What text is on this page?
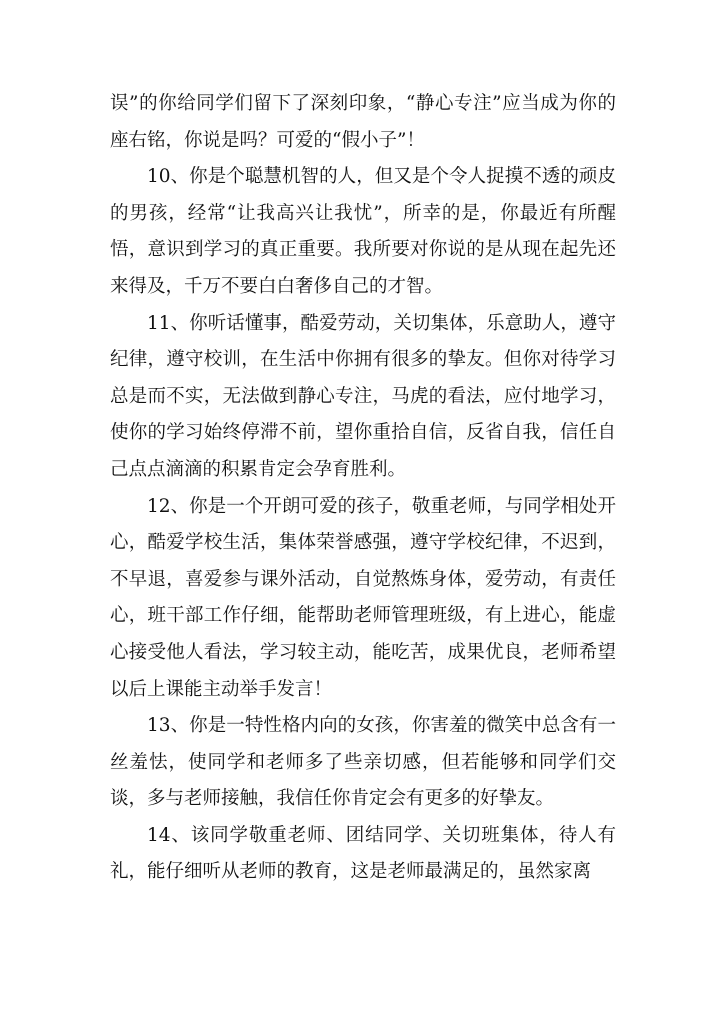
误”的你给同学们留下了深刻印象，“静心专注”应当成为你的座右铭，你说是吗？可爱的“假小子”！

10、你是个聪慧机智的人，但又是个令人捉摸不透的顽皮的男孩，经常“让我高兴让我忧”，所幸的是，你最近有所醒悟，意识到学习的真正重要。我所要对你说的是从现在起先还来得及，千万不要白白奢侈自己的才智。

11、你听话懂事，酷爱劳动，关切集体，乐意助人，遵守纪律，遵守校训，在生活中你拥有很多的挚友。但你对待学习总是而不实，无法做到静心专注，马虎的看法，应付地学习，使你的学习始终停滞不前，望你重拾自信，反省自我，信任自己点点滴滴的积累肯定会孕育胜利。

12、你是一个开朗可爱的孩子，敬重老师，与同学相处开心，酷爱学校生活，集体荣誉感强，遵守学校纪律，不迟到，不早退，喜爱参与课外活动，自觉熬炼身体，爱劳动，有责任心，班干部工作仔细，能帮助老师管理班级，有上进心，能虚心接受他人看法，学习较主动，能吃苦，成果优良，老师希望以后上课能主动举手发言！

13、你是一特性格内向的女孩，你害羞的微笑中总含有一丝羞怯，使同学和老师多了些亲切感，但若能够和同学们交谈，多与老师接触，我信任你肯定会有更多的好挚友。

14、该同学敬重老师、团结同学、关切班集体，待人有礼，能仔细听从老师的教育，这是老师最满足的，虽然家离
